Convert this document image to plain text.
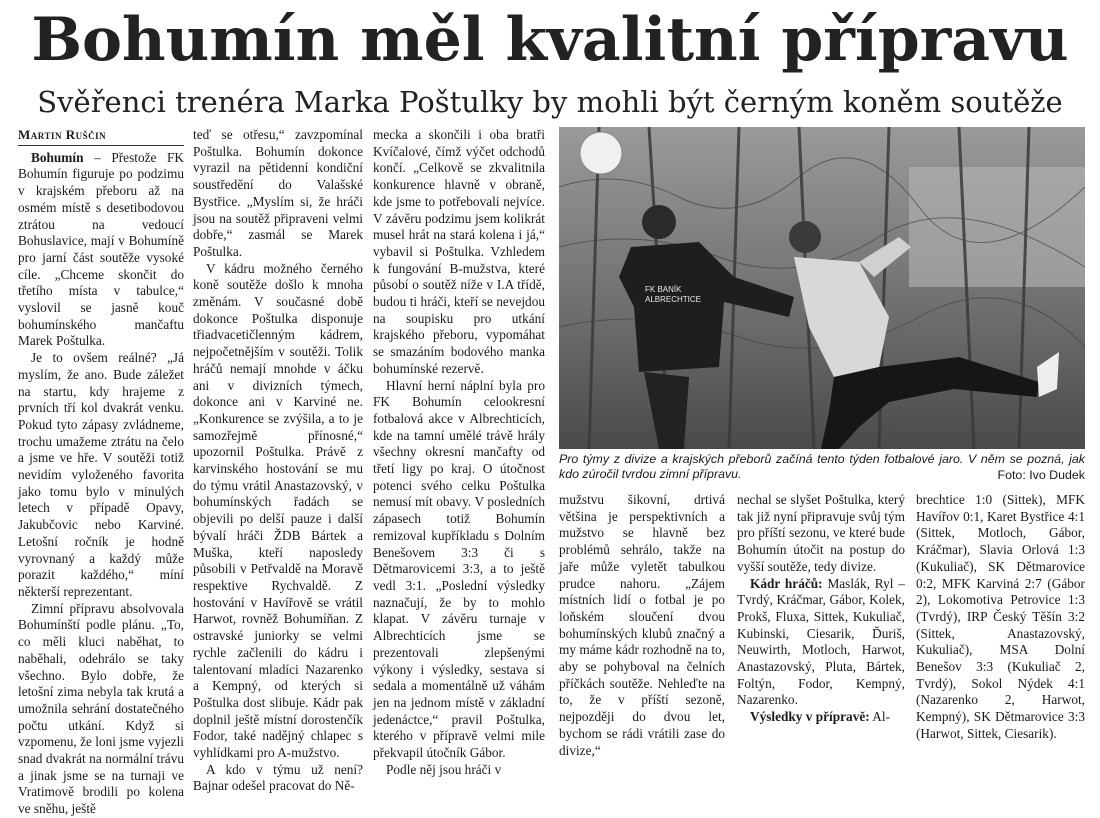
Bohumín měl kvalitní přípravu
Svěřenci trenéra Marka Poštulky by mohli být černým koněm soutěže
Martin Ruščin

Bohumín – Přestože FK Bohumín figuruje po podzimu v krajském přeboru až na osmém místě s desetibodovou ztrátou na vedoucí Bohuslavice, mají v Bohumíně pro jarní část soutěže vysoké cíle. „Chceme skončit do třetího místa v tabulce,“ vyslovil se jasně kouč bohumínského mančaftu Marek Poštulka.

Je to ovšem reálné? „Já myslím, že ano. Bude záležet na startu, kdy hrajeme z prvních tří kol dvakrát venku. Pokud tyto zápasy zvládneme, trochu umažeme ztrátu na čelo a jsme ve hře. V soutěži totiž nevidím vyloženého favorita jako tomu bylo v minulých letech v případě Opavy, Jakubčovic nebo Karviné. Letošní ročník je hodně vyrovnaný a každý může porazit každého,“ míní některší reprezentant.

Zimní přípravu absolvovala Bohumínští podle plánu. „To, co měli kluci naběhat, to naběhali, odehrálo se taky všechno. Bylo dobře, že letošní zima nebyla tak krutá a umožnila sehrání dostatečného počtu utkání. Když si vzpomenu, že loni jsme vyjezli snad dvakrát na normální trávu a jinak jsme se na turnaji ve Vratimově brodili po kolena ve sněhu, ještě

teď se otřesu,“ zavzpomínal Poštulka. Bohumín dokonce vyrazil na pětidenní kondiční soustředění do Valašské Bystřice. „Myslím si, že hráči jsou na soutěž připraveni velmi dobře,“ zasmál se Marek Poštulka.

V kádru možného černého koně soutěže došlo k mnoha změnám. V současné době dokonce Poštulka disponuje třiadvacetičlenným kádrem, nejpočetnějším v soutěži. Tolik hráčů nemají mnohde v áčku ani v divizních týmech, dokonce ani v Karviné ne. „Konkurence se zvýšila, a to je samozřejmě přínosné,“ upozornil Poštulka. Právě z karvinského hostování se mu do týmu vrátil Anastazovský, v bohumínských řadách se objevili po delší pauze i další bývalí hráči ŽDB Bártek a Muška, kteří naposledy působili v Petřvaldě na Moravě respektive Rychvaldě. Z hostování v Havířově se vrátil Harwot, rovněž Bohumíňan. Z ostravské juniorky se velmi rychle začlenili do kádru i talentovaní mladíci Nazarenko a Kempný, od kterých si Poštulka dost slibuje. Kádr pak doplnil ještě místní dorostenčík Fodor, také nadějný chlapec s vyhlídkami pro A-mužstvo.

A kdo v týmu už není? Bajnar odešel pracovat do Ně-

mecka a skončili i oba bratři Kvíčalové, čímž výčet odchodů končí. „Celkově se zkvalitnila konkurence hlavně v obraně, kde jsme to potřebovali nejvíce. V závěru podzimu jsem kolikrát musel hrát na stará kolena i já,“ vybavil si Poštulka. Vzhledem k fungování B-mužstva, které působí o soutěž níže v I.A třídě, budou ti hráči, kteří se nevejdou na soupisku pro utkání krajského přeboru, vypomáhat se smazáním bodového manka bohumínské rezervě.

Hlavní herní náplní byla pro FK Bohumín celookresní fotbalová akce v Albrechticích, kde na tamní umělé trávě hrály všechny okresní mančafty od třetí ligy po kraj. O útočnost potenci svého celku Poštulka nemusí mít obavy. V posledních zápasech totiž Bohumín remizoval kupříkladu s Dolním Benešovem 3:3 či s Dětmarovicemi 3:3, a to ještě vedl 3:1. „Poslední výsledky naznačují, že by to mohlo klapat. V závěru turnaje v Albrechticích jsme se prezentovali zlepšenými výkony i výsledky, sestava si sedala a momentálně už váhám jen na jednom místě v základní jedenáctce,“ pravil Poštulka, kterého v přípravě velmi mile překvapil útočník Gábor.

Podle něj jsou hráči v

FK BANÍK
ALBRECHTICE
Pro týmy z divize a krajských přeborů začíná tento týden fotbalové jaro. V něm se pozná, jak kdo zúročil tvrdou zimní přípravu.	Foto: Ivo Dudek

mužstvu šikovní, drtivá většina je perspektivních a mužstvo se hlavně bez problémů sehrálo, takže na jaře může vyletět tabulkou prudce nahoru. „Zájem místních lidí o fotbal je po loňském sloučení dvou bohumínských klubů značný a my máme kádr rozhodně na to, aby se pohyboval na čelních příčkách soutěže. Nehleďte na to, že v příští sezoně, nejpozději do dvou let, bychom se rádi vrátili zase do divize,“

nechal se slyšet Poštulka, který tak již nyní připravuje svůj tým pro příští sezonu, ve které bude Bohumín útočit na postup do vyšší soutěže, tedy divize.

Kádr hráčů: Maslák, Ryl – Tvrdý, Kráčmar, Gábor, Kolek, Prokš, Fluxa, Sittek, Kukuliač, Kubinski, Ciesarik, Ďuriš, Neuwirth, Motloch, Harwot, Anastazovský, Pluta, Bártek, Foltýn, Fodor, Kempný, Nazarenko.

Výsledky v přípravě: Al-

brechtice 1:0 (Sittek), MFK Havířov 0:1, Karet Bystřice 4:1 (Sittek, Motloch, Gábor, Kráčmar), Slavia Orlová 1:3 (Kukuliač), SK Dětmarovice 0:2, MFK Karviná 2:7 (Gábor 2), Lokomotiva Petrovice 1:3 (Tvrdý), IRP Český Těšín 3:2 (Sittek, Anastazovský, Kukuliač), MSA Dolní Benešov 3:3 (Kukuliač 2, Tvrdý), Sokol Nýdek 4:1 (Nazarenko 2, Harwot, Kempný), SK Dětmarovice 3:3 (Harwot, Sittek, Ciesarik).
